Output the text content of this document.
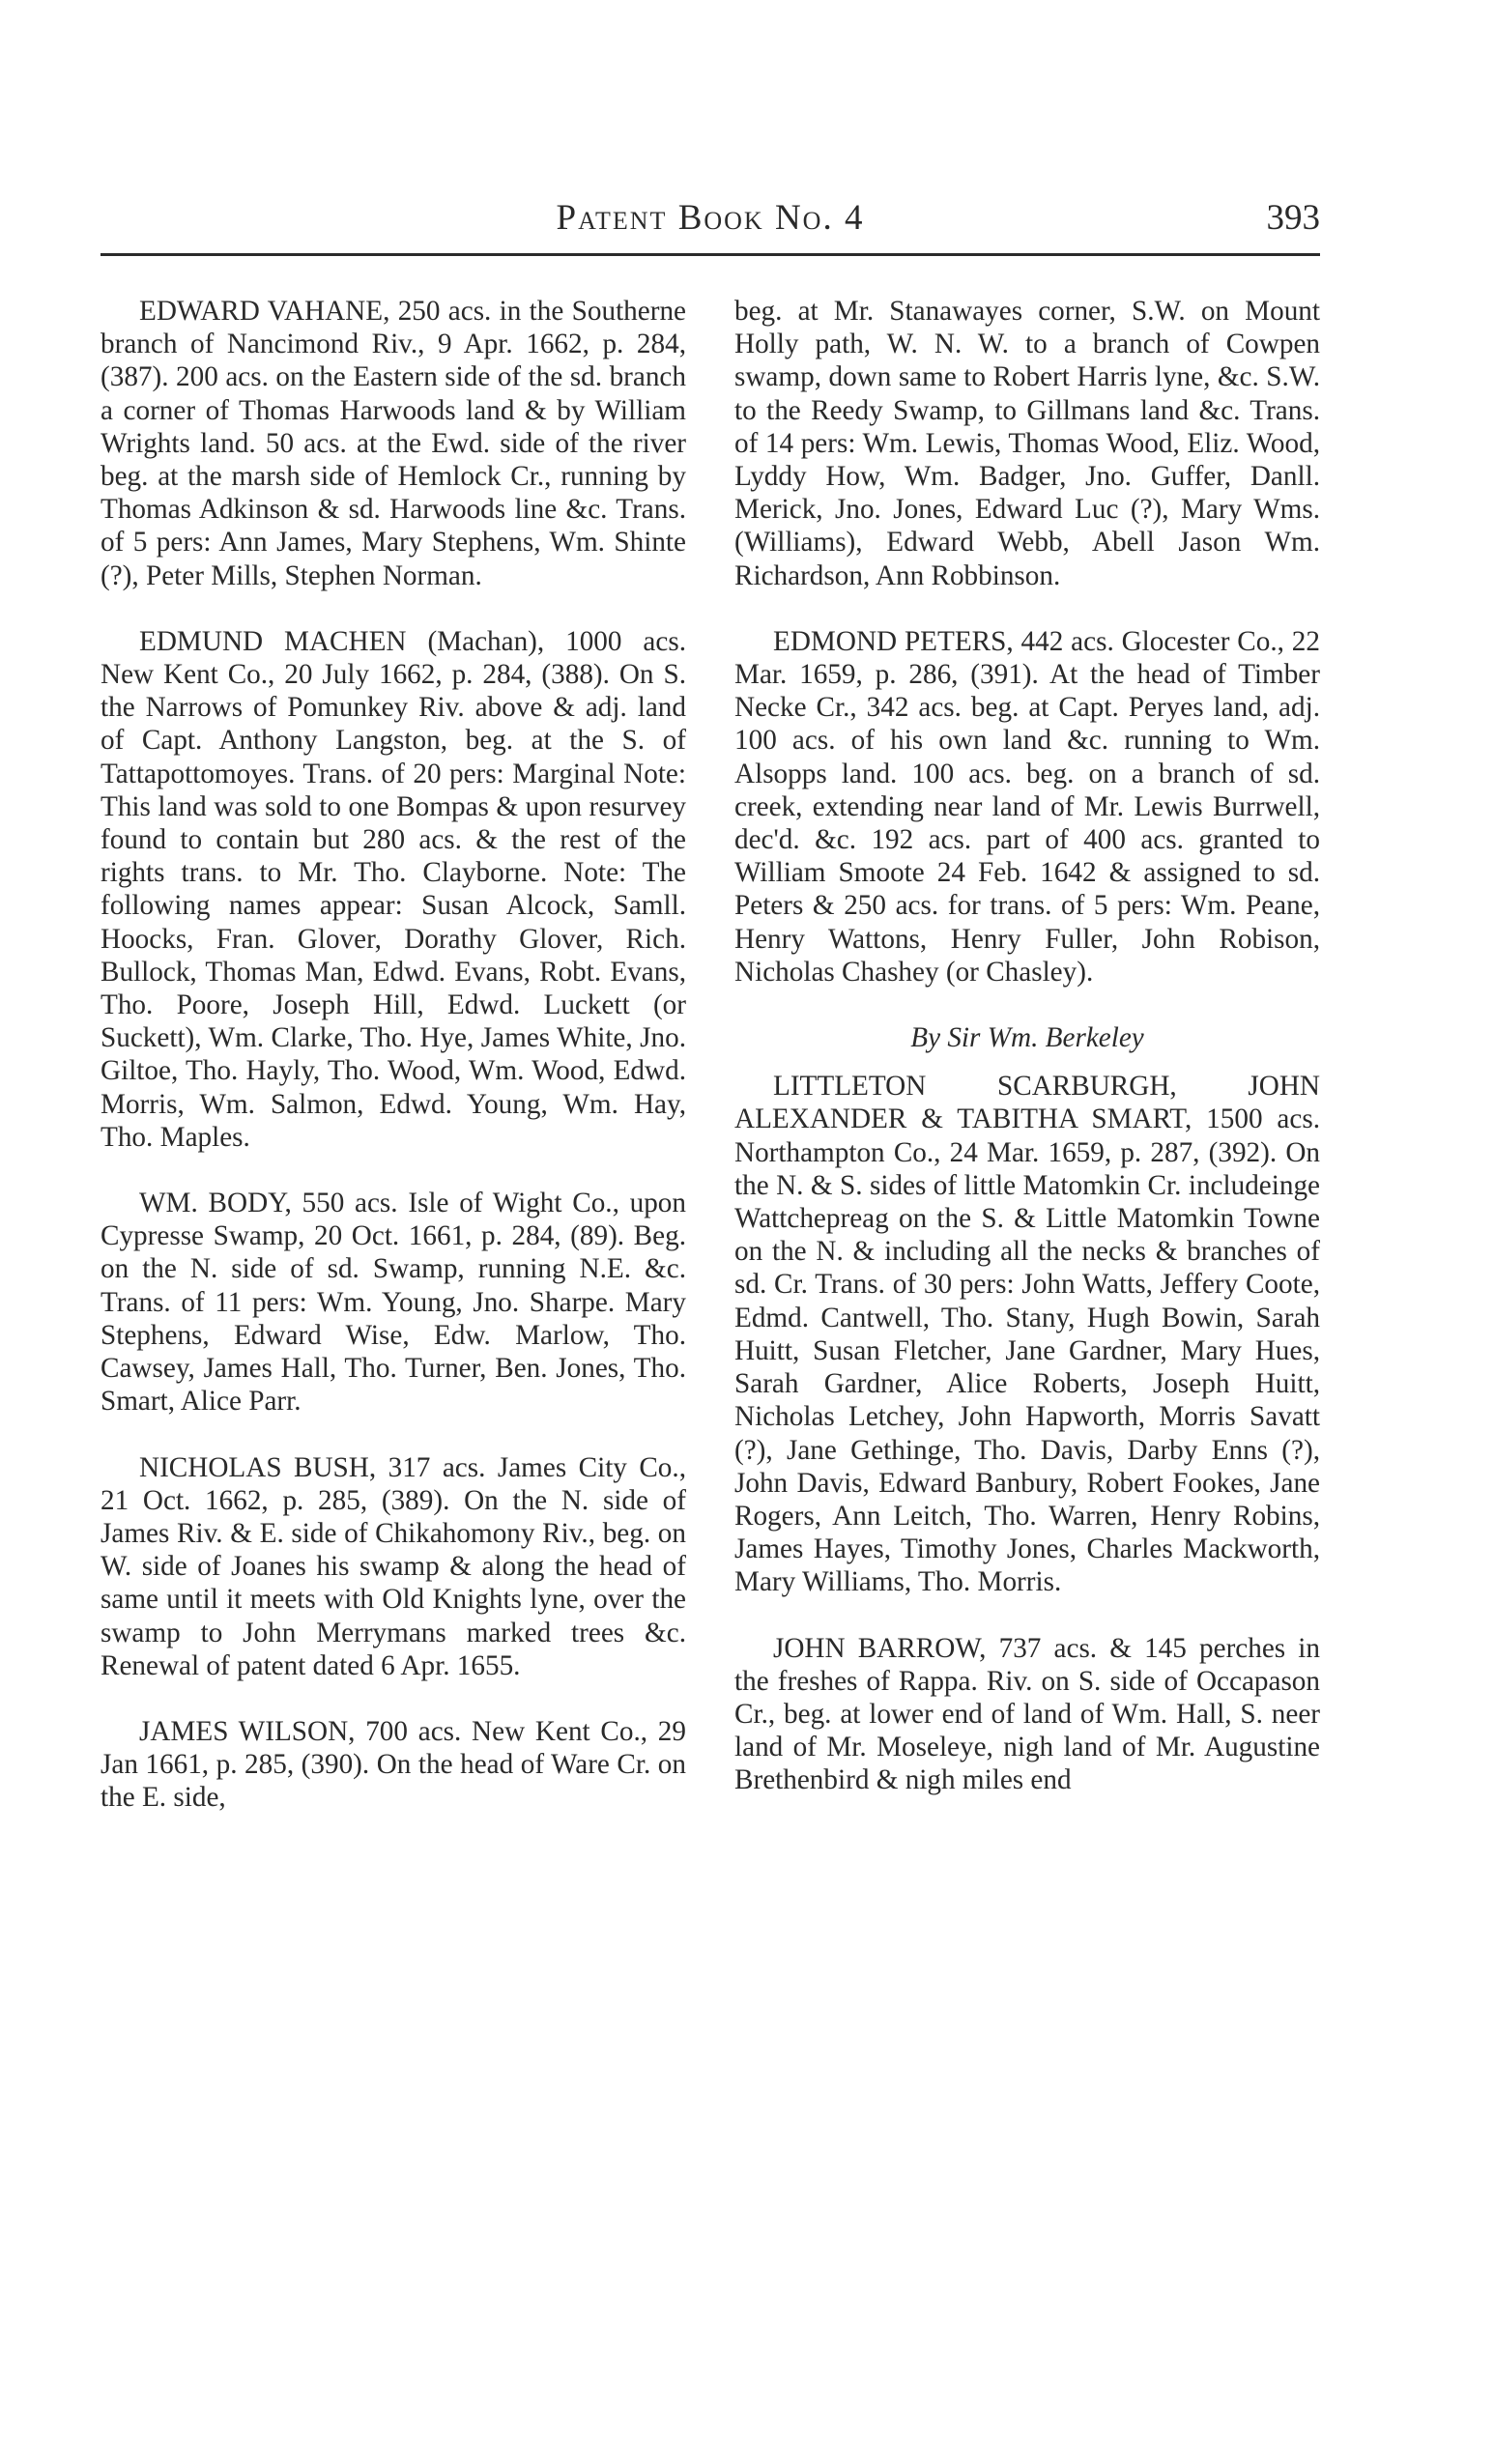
Patent Book No. 4	393

EDWARD VAHANE, 250 acs. in the Southerne branch of Nancimond Riv., 9 Apr. 1662, p. 284, (387). 200 acs. on the Eastern side of the sd. branch a corner of Thomas Harwoods land & by William Wrights land. 50 acs. at the Ewd. side of the river beg. at the marsh side of Hemlock Cr., running by Thomas Adkinson & sd. Harwoods line &c. Trans. of 5 pers: Ann James, Mary Stephens, Wm. Shinte (?), Peter Mills, Stephen Norman.

EDMUND MACHEN (Machan), 1000 acs. New Kent Co., 20 July 1662, p. 284, (388). On S. the Narrows of Pomunkey Riv. above & adj. land of Capt. Anthony Langston, beg. at the S. of Tattapottomoyes. Trans. of 20 pers: Marginal Note: This land was sold to one Bompas & upon resurvey found to contain but 280 acs. & the rest of the rights trans. to Mr. Tho. Clayborne. Note: The following names appear: Susan Alcock, Samll. Hoocks, Fran. Glover, Dorathy Glover, Rich. Bullock, Thomas Man, Edwd. Evans, Robt. Evans, Tho. Poore, Joseph Hill, Edwd. Luckett (or Suckett), Wm. Clarke, Tho. Hye, James White, Jno. Giltoe, Tho. Hayly, Tho. Wood, Wm. Wood, Edwd. Morris, Wm. Salmon, Edwd. Young, Wm. Hay, Tho. Maples.

WM. BODY, 550 acs. Isle of Wight Co., upon Cypresse Swamp, 20 Oct. 1661, p. 284, (89). Beg. on the N. side of sd. Swamp, running N.E. &c. Trans. of 11 pers: Wm. Young, Jno. Sharpe. Mary Stephens, Edward Wise, Edw. Marlow, Tho. Cawsey, James Hall, Tho. Turner, Ben. Jones, Tho. Smart, Alice Parr.

NICHOLAS BUSH, 317 acs. James City Co., 21 Oct. 1662, p. 285, (389). On the N. side of James Riv. & E. side of Chikahomony Riv., beg. on W. side of Joanes his swamp & along the head of same until it meets with Old Knights lyne, over the swamp to John Merrymans marked trees &c. Renewal of patent dated 6 Apr. 1655.

JAMES WILSON, 700 acs. New Kent Co., 29 Jan 1661, p. 285, (390). On the head of Ware Cr. on the E. side,

beg. at Mr. Stanawayes corner, S.W. on Mount Holly path, W. N. W. to a branch of Cowpen swamp, down same to Robert Harris lyne, &c. S.W. to the Reedy Swamp, to Gillmans land &c. Trans. of 14 pers: Wm. Lewis, Thomas Wood, Eliz. Wood, Lyddy How, Wm. Badger, Jno. Guffer, Danll. Merick, Jno. Jones, Edward Luc (?), Mary Wms. (Williams), Edward Webb, Abell Jason Wm. Richardson, Ann Robbinson.

EDMOND PETERS, 442 acs. Glocester Co., 22 Mar. 1659, p. 286, (391). At the head of Timber Necke Cr., 342 acs. beg. at Capt. Peryes land, adj. 100 acs. of his own land &c. running to Wm. Alsopps land. 100 acs. beg. on a branch of sd. creek, extending near land of Mr. Lewis Burrwell, dec'd. &c. 192 acs. part of 400 acs. granted to William Smoote 24 Feb. 1642 & assigned to sd. Peters & 250 acs. for trans. of 5 pers: Wm. Peane, Henry Wattons, Henry Fuller, John Robison, Nicholas Chashey (or Chasley).

By Sir Wm. Berkeley

LITTLETON SCARBURGH, JOHN ALEXANDER & TABITHA SMART, 1500 acs. Northampton Co., 24 Mar. 1659, p. 287, (392). On the N. & S. sides of little Matomkin Cr. includeinge Wattchepreag on the S. & Little Matomkin Towne on the N. & including all the necks & branches of sd. Cr. Trans. of 30 pers: John Watts, Jeffery Coote, Edmd. Cantwell, Tho. Stany, Hugh Bowin, Sarah Huitt, Susan Fletcher, Jane Gardner, Mary Hues, Sarah Gardner, Alice Roberts, Joseph Huitt, Nicholas Letchey, John Hapworth, Morris Savatt (?), Jane Gethinge, Tho. Davis, Darby Enns (?), John Davis, Edward Banbury, Robert Fookes, Jane Rogers, Ann Leitch, Tho. Warren, Henry Robins, James Hayes, Timothy Jones, Charles Mackworth, Mary Williams, Tho. Morris.

JOHN BARROW, 737 acs. & 145 perches in the freshes of Rappa. Riv. on S. side of Occapason Cr., beg. at lower end of land of Wm. Hall, S. neer land of Mr. Moseleye, nigh land of Mr. Augustine Brethenbird & nigh miles end
